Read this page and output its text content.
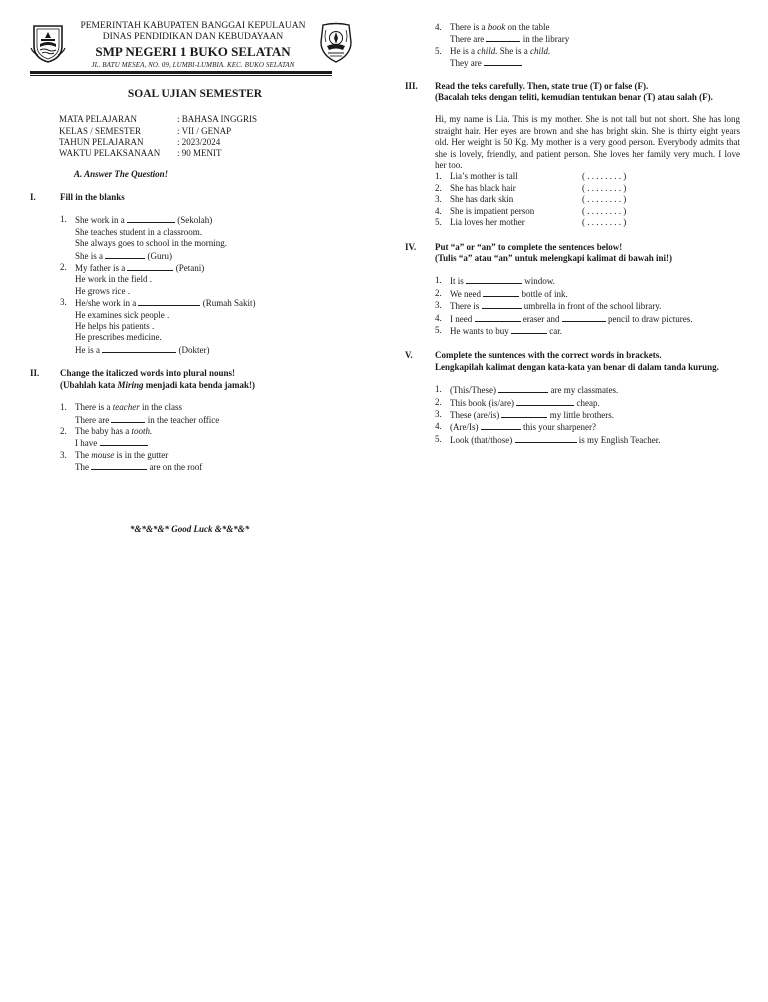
PEMERINTAH KABUPATEN BANGGAI KEPULAUAN
DINAS PENDIDIKAN DAN KEBUDAYAAN
SMP NEGERI 1 BUKO SELATAN
JL. BATU MESEA, NO. 09, LUMBI-LUMBIA. KEC. BUKO SELATAN
SOAL UJIAN SEMESTER
MATA PELAJARAN	: BAHASA INGGRIS
KELAS / SEMESTER	: VII / GENAP
TAHUN PELAJARAN	: 2023/2024
WAKTU PELAKSANAAN	: 90 MENIT
A. Answer The Question!
I.	Fill in the blanks
1. She work in a	(Sekolah)
She teaches student in a classroom.
She always goes to school in the morning.
She is a	(Guru)
2. My father is a	(Petani)
He work in the field .
He grows rice .
3. He/she work in a	(Rumah Sakit)
He examines sick people .
He helps his patients .
He prescribes medicine.
He is a	(Dokter)
II.	Change the italiczed words into plural nouns!
(Ubahlah kata Miring menjadi kata benda jamak!)
1. There is a teacher in the class
There are	in the teacher office
2. The baby has a tooth.
I have
3. The mouse is in the gutter
The	are on the roof
*&*&*&* Good Luck &*&*&*
4. There is a book on the table
There are	in the library
5. He is a child. She is a child.
They are
III.	Read the teks carefully. Then, state true (T) or false (F).
(Bacalah teks dengan teliti, kemudian tentukan benar (T) atau salah (F).
Hi, my name is Lia. This is my mother. She is not tall but not short. She has long straight hair. Her eyes are brown and she has bright skin. She is thirty eight years old. Her weight is 50 Kg. My mother is a very good person. Everybody admits that she is lovely, friendly, and patient person. She loves her family very much. I love her too.
1. Lia’s mother is tall	( . . . . . . . . )
2. She has black hair	( . . . . . . . . )
3. She has dark skin	( . . . . . . . . )
4. She is impatient person	( . . . . . . . . )
5. Lia loves her mother	( . . . . . . . . )
IV.	Put “a” or “an” to complete the sentences below!
(Tulis “a” atau “an” untuk melengkapi kalimat di bawah ini!)
1. It is	window.
2. We need	bottle of ink.
3. There is	umbrella in front of the school library.
4. I need	eraser and	pencil to draw pictures.
5. He wants to buy	car.
V.	Complete the suntences with the correct words in brackets.
Lengkapilah kalimat dengan kata-kata yan benar di dalam tanda kurung.
1. (This/These)	are my classmates.
2. This book (is/are)	cheap.
3. These (are/is)	my little brothers.
4. (Are/Is)	this your sharpener?
5. Look (that/those)	is my English Teacher.
